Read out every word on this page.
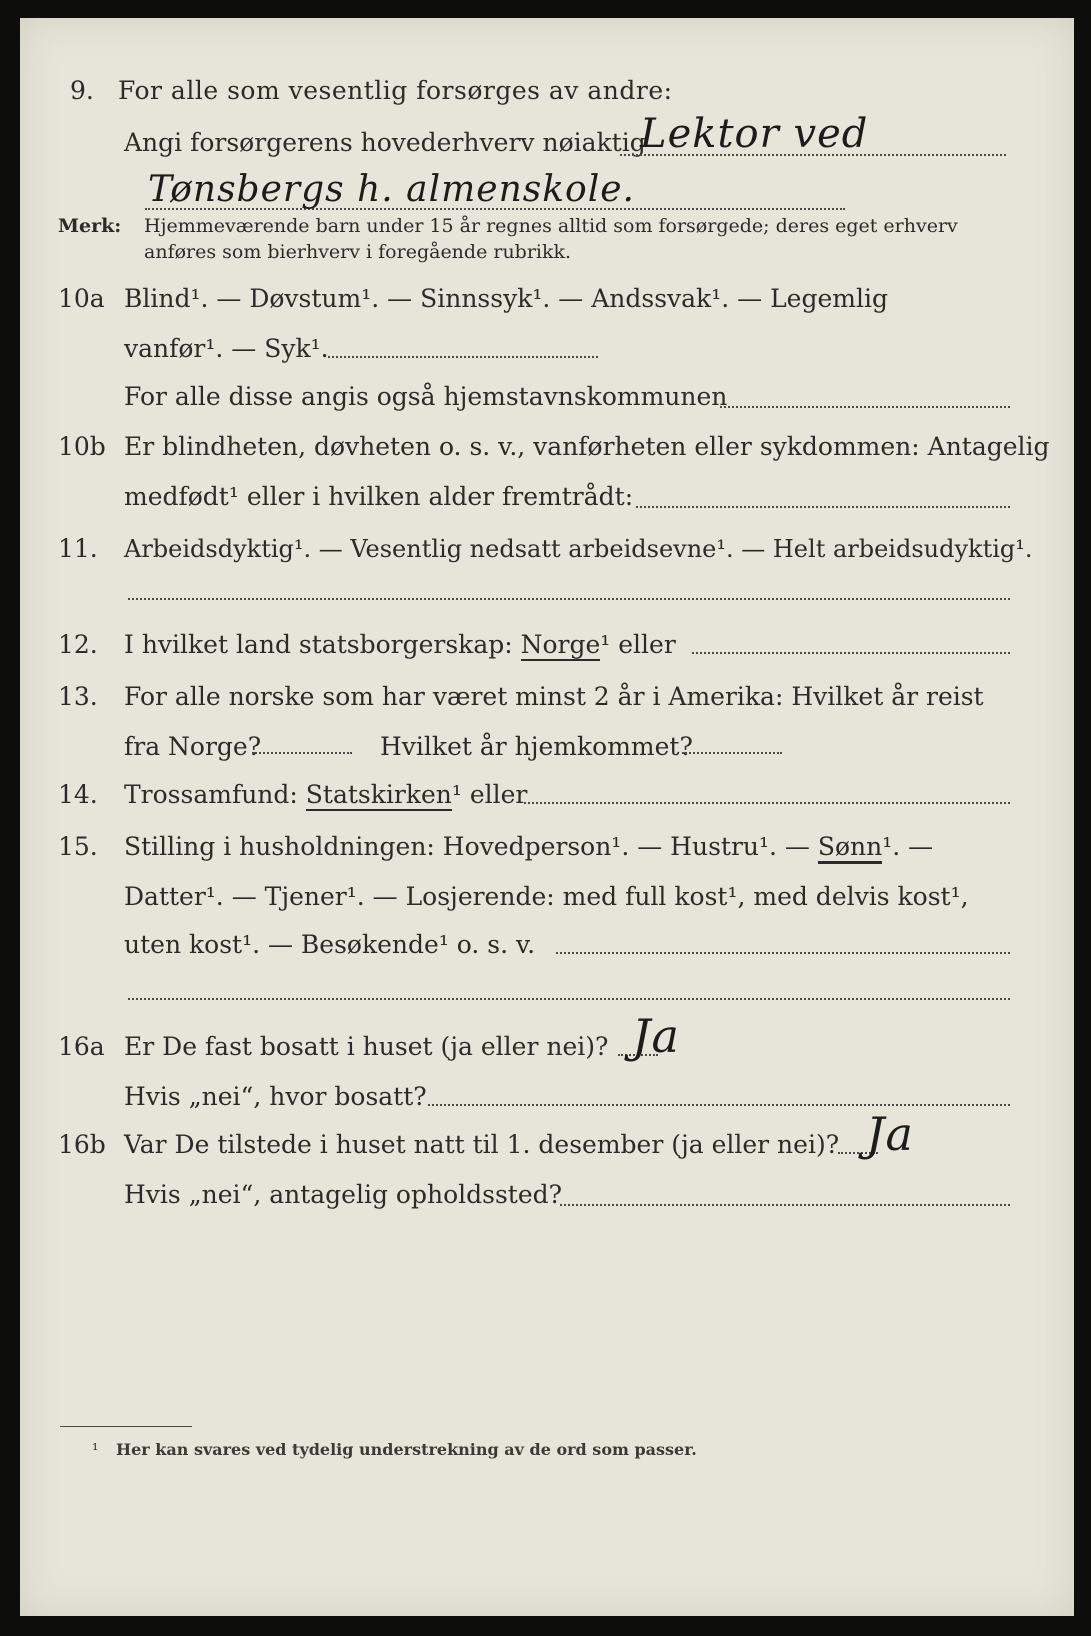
9. For alle som vesentlig forsørges av andre:
Angi forsørgerens hovederhverv nøiaktig
Lektor ved
Tønsbergs h. almenskole.
Merk: Hjemmeværende barn under 15 år regnes alltid som forsørgede; deres eget erhverv
anføres som bierhverv i foregående rubrikk.
10a Blind¹. — Døvstum¹. — Sinnssyk¹. — Andssvak¹. — Legemlig
vanfør¹. — Syk¹.
For alle disse angis også hjemstavnskommunen
10b Er blindheten, døvheten o. s. v., vanførheten eller sykdommen: Antagelig
medfødt¹ eller i hvilken alder fremtrådt:
11. Arbeidsdyktig¹. — Vesentlig nedsatt arbeidsevne¹. — Helt arbeidsudyktig¹.
12. I hvilket land statsborgerskap: Norge¹ eller
13. For alle norske som har været minst 2 år i Amerika: Hvilket år reist
fra Norge?	Hvilket år hjemkommet?
14. Trossamfund: Statskirken¹ eller
15. Stilling i husholdningen: Hovedperson¹. — Hustru¹. — Sønn¹. —
Datter¹. — Tjener¹. — Losjerende: med full kost¹, med delvis kost¹,
uten kost¹. — Besøkende¹ o. s. v.
16a Er De fast bosatt i huset (ja eller nei)? Ja
Hvis „nei“, hvor bosatt?
16b Var De tilstede i huset natt til 1. desember (ja eller nei)? Ja
Hvis „nei“, antagelig opholdssted?
¹ Her kan svares ved tydelig understrekning av de ord som passer.
